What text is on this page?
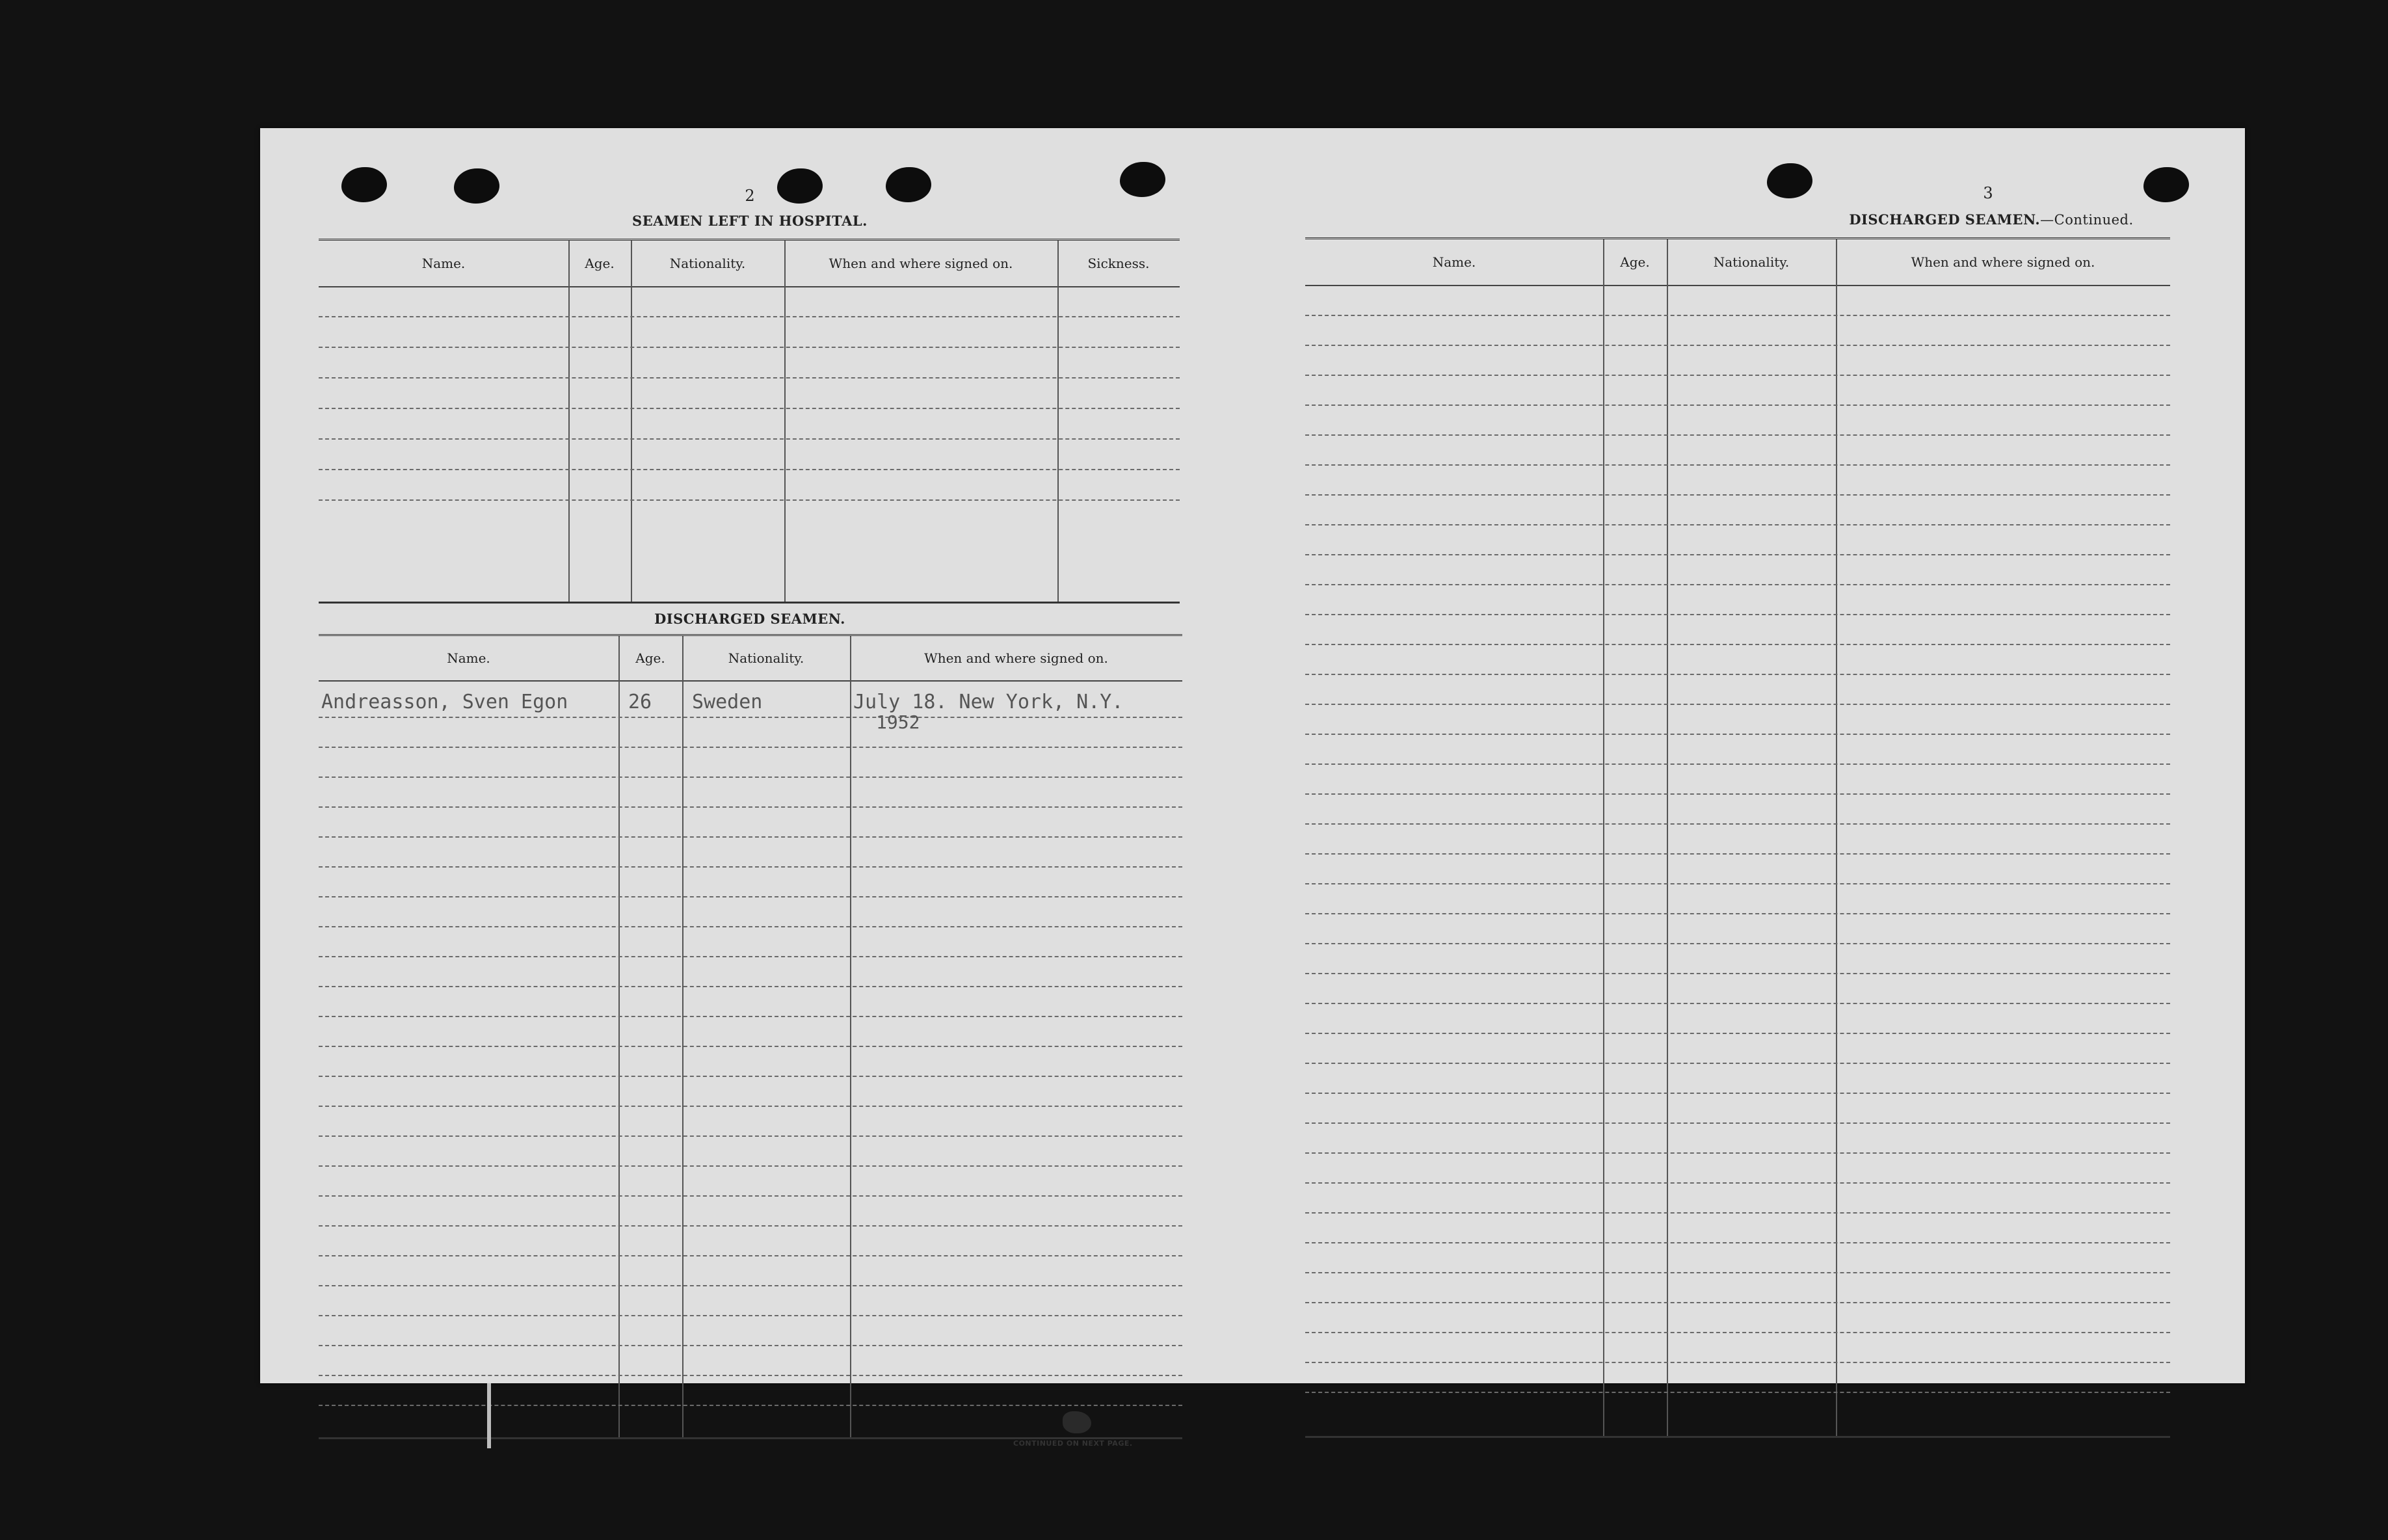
2
SEAMEN LEFT IN HOSPITAL.
Name.	Age.	Nationality.	When and where signed on.	Sickness.
DISCHARGED SEAMEN.
Name.	Age.	Nationality.	When and where signed on.
Andreasson, Sven Egon	26 Sweden	July 18. New York, N.Y.
1952
CONTINUED ON NEXT PAGE.
3
DISCHARGED SEAMEN.—Continued.
Name.	Age.	Nationality.	When and where signed on.
